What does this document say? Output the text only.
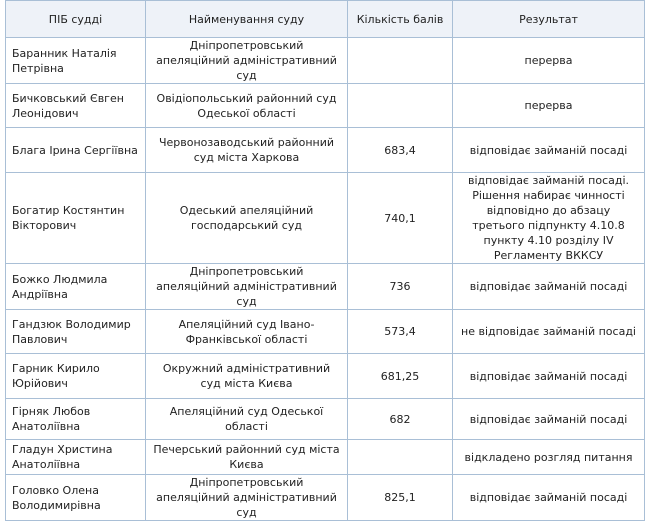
ПІБ судді	Найменування суду	Кількість балів	Результат
Баранник Наталія Петрівна	Дніпропетровський апеляційний адміністративний суд		перерва
Бичковський Євген Леонідович	Овідіопольський районний суд Одеської області		перерва
Блага Ірина Сергіївна	Червонозаводський районний суд міста Харкова	683,4	відповідає займаній посаді
Богатир Костянтин Вікторович	Одеський апеляційний господарський суд	740,1	відповідає займаній посаді. Рішення набирає чинності відповідно до абзацу третього підпункту 4.10.8 пункту 4.10 розділу IV Регламенту ВККСУ
Божко Людмила Андріївна	Дніпропетровський апеляційний адміністративний суд	736	відповідає займаній посаді
Гандзюк Володимир Павлович	Апеляційний суд Івано-Франківської області	573,4	не відповідає займаній посаді
Гарник Кирило Юрійович	Окружний адміністративний суд міста Києва	681,25	відповідає займаній посаді
Гірняк Любов Анатоліївна	Апеляційний суд Одеської області	682	відповідає займаній посаді
Гладун Христина Анатоліївна	Печерський районний суд міста Києва		відкладено розгляд питання
Головко Олена Володимирівна	Дніпропетровський апеляційний адміністративний суд	825,1	відповідає займаній посаді
